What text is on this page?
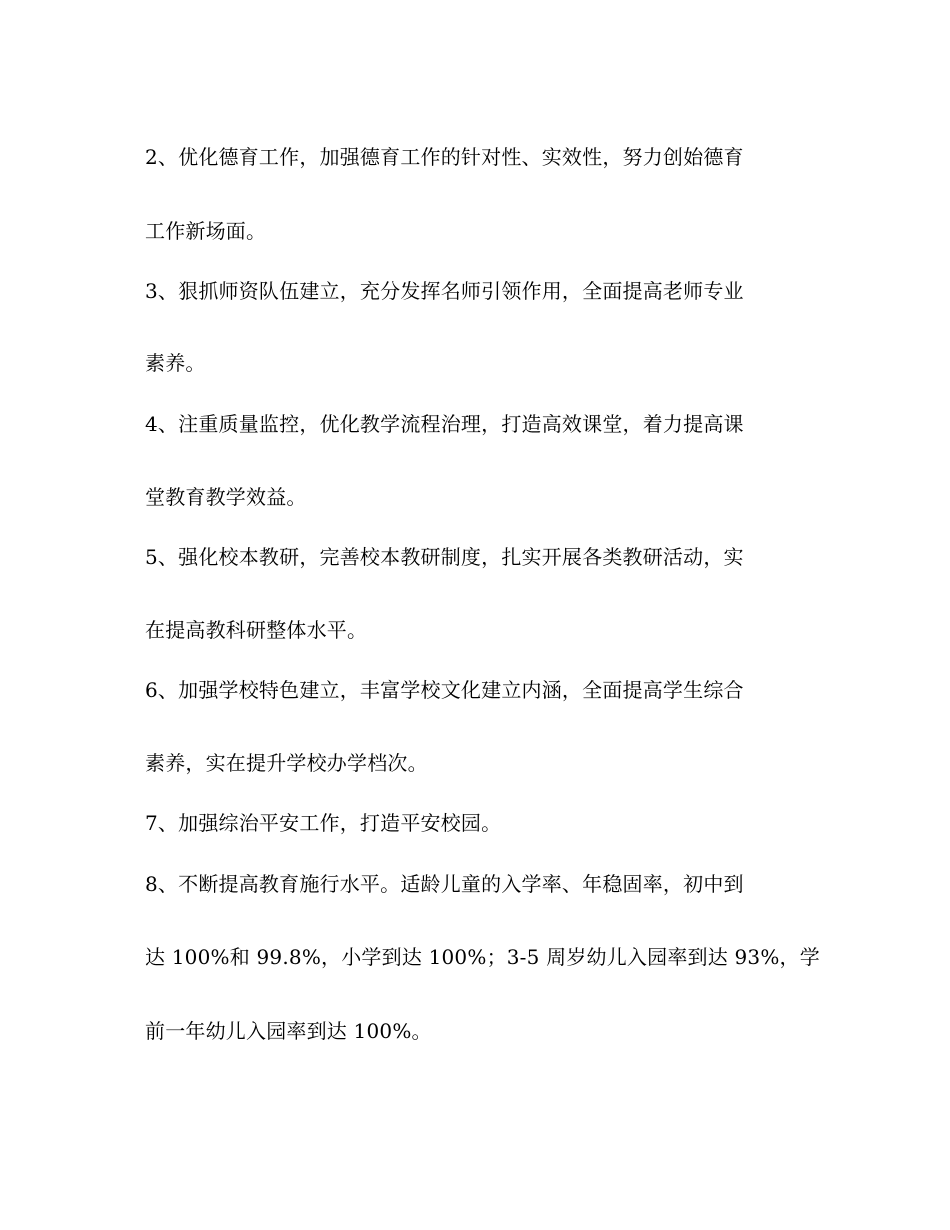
2、优化德育工作，加强德育工作的针对性、实效性，努力创始德育
工作新场面。
3、狠抓师资队伍建立，充分发挥名师引领作用，全面提高老师专业
素养。
4、注重质量监控，优化教学流程治理，打造高效课堂，着力提高课
堂教育教学效益。
5、强化校本教研，完善校本教研制度，扎实开展各类教研活动，实
在提高教科研整体水平。
6、加强学校特色建立，丰富学校文化建立内涵，全面提高学生综合
素养，实在提升学校办学档次。
7、加强综治平安工作，打造平安校园。
8、不断提高教育施行水平。适龄儿童的入学率、年稳固率，初中到
达 100%和 99.8%，小学到达 100%；3-5 周岁幼儿入园率到达 93%，学
前一年幼儿入园率到达 100%。
